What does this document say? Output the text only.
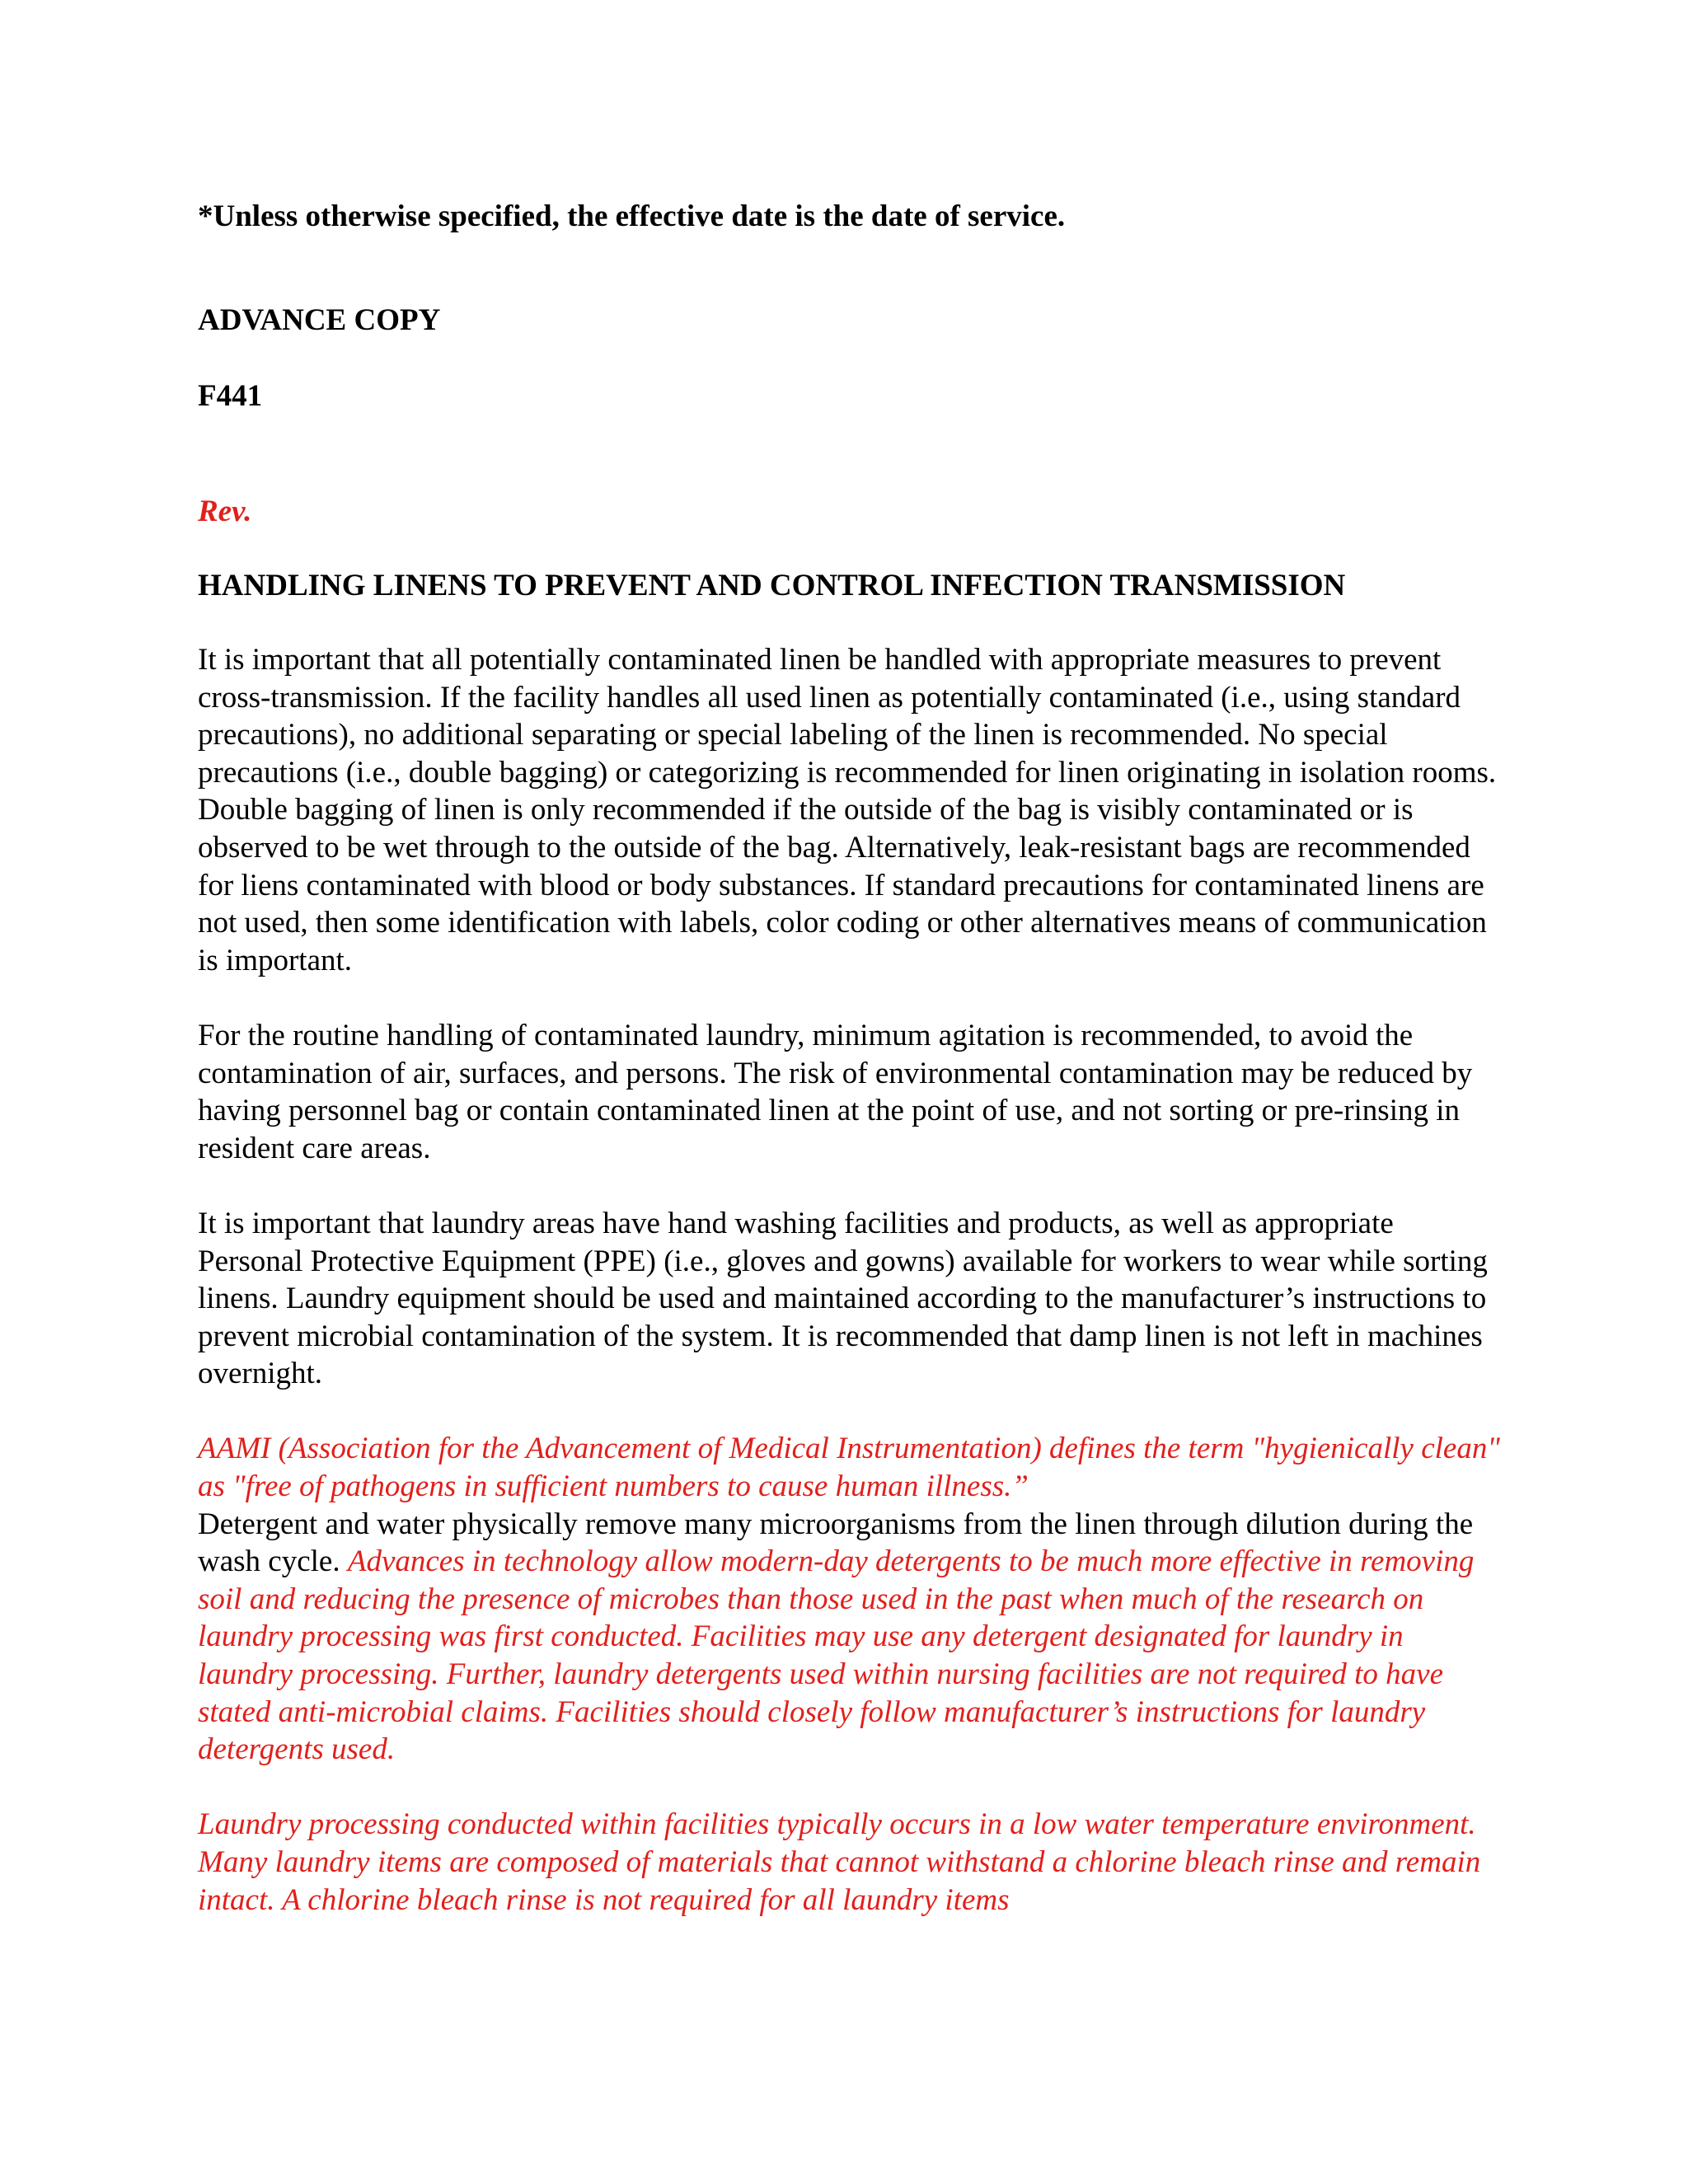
*Unless otherwise specified, the effective date is the date of service.

ADVANCE COPY

F441

Rev.

HANDLING LINENS TO PREVENT AND CONTROL INFECTION TRANSMISSION

It is important that all potentially contaminated linen be handled with appropriate measures to prevent cross-transmission. If the facility handles all used linen as potentially contaminated (i.e., using standard precautions), no additional separating or special labeling of the linen is recommended. No special precautions (i.e., double bagging) or categorizing is recommended for linen originating in isolation rooms. Double bagging of linen is only recommended if the outside of the bag is visibly contaminated or is observed to be wet through to the outside of the bag. Alternatively, leak-resistant bags are recommended for liens contaminated with blood or body substances. If standard precautions for contaminated linens are not used, then some identification with labels, color coding or other alternatives means of communication is important.

For the routine handling of contaminated laundry, minimum agitation is recommended, to avoid the contamination of air, surfaces, and persons. The risk of environmental contamination may be reduced by having personnel bag or contain contaminated linen at the point of use, and not sorting or pre-rinsing in resident care areas.

It is important that laundry areas have hand washing facilities and products, as well as appropriate Personal Protective Equipment (PPE) (i.e., gloves and gowns) available for workers to wear while sorting linens. Laundry equipment should be used and maintained according to the manufacturer’s instructions to prevent microbial contamination of the system. It is recommended that damp linen is not left in machines overnight.

AAMI (Association for the Advancement of Medical Instrumentation) defines the term "hygienically clean" as "free of pathogens in sufficient numbers to cause human illness.”
Detergent and water physically remove many microorganisms from the linen through dilution during the wash cycle. Advances in technology allow modern-day detergents to be much more effective in removing soil and reducing the presence of microbes than those used in the past when much of the research on laundry processing was first conducted. Facilities may use any detergent designated for laundry in laundry processing. Further, laundry detergents used within nursing facilities are not required to have stated anti-microbial claims. Facilities should closely follow manufacturer’s instructions for laundry detergents used.

Laundry processing conducted within facilities typically occurs in a low water temperature environment. Many laundry items are composed of materials that cannot withstand a chlorine bleach rinse and remain intact. A chlorine bleach rinse is not required for all laundry items
